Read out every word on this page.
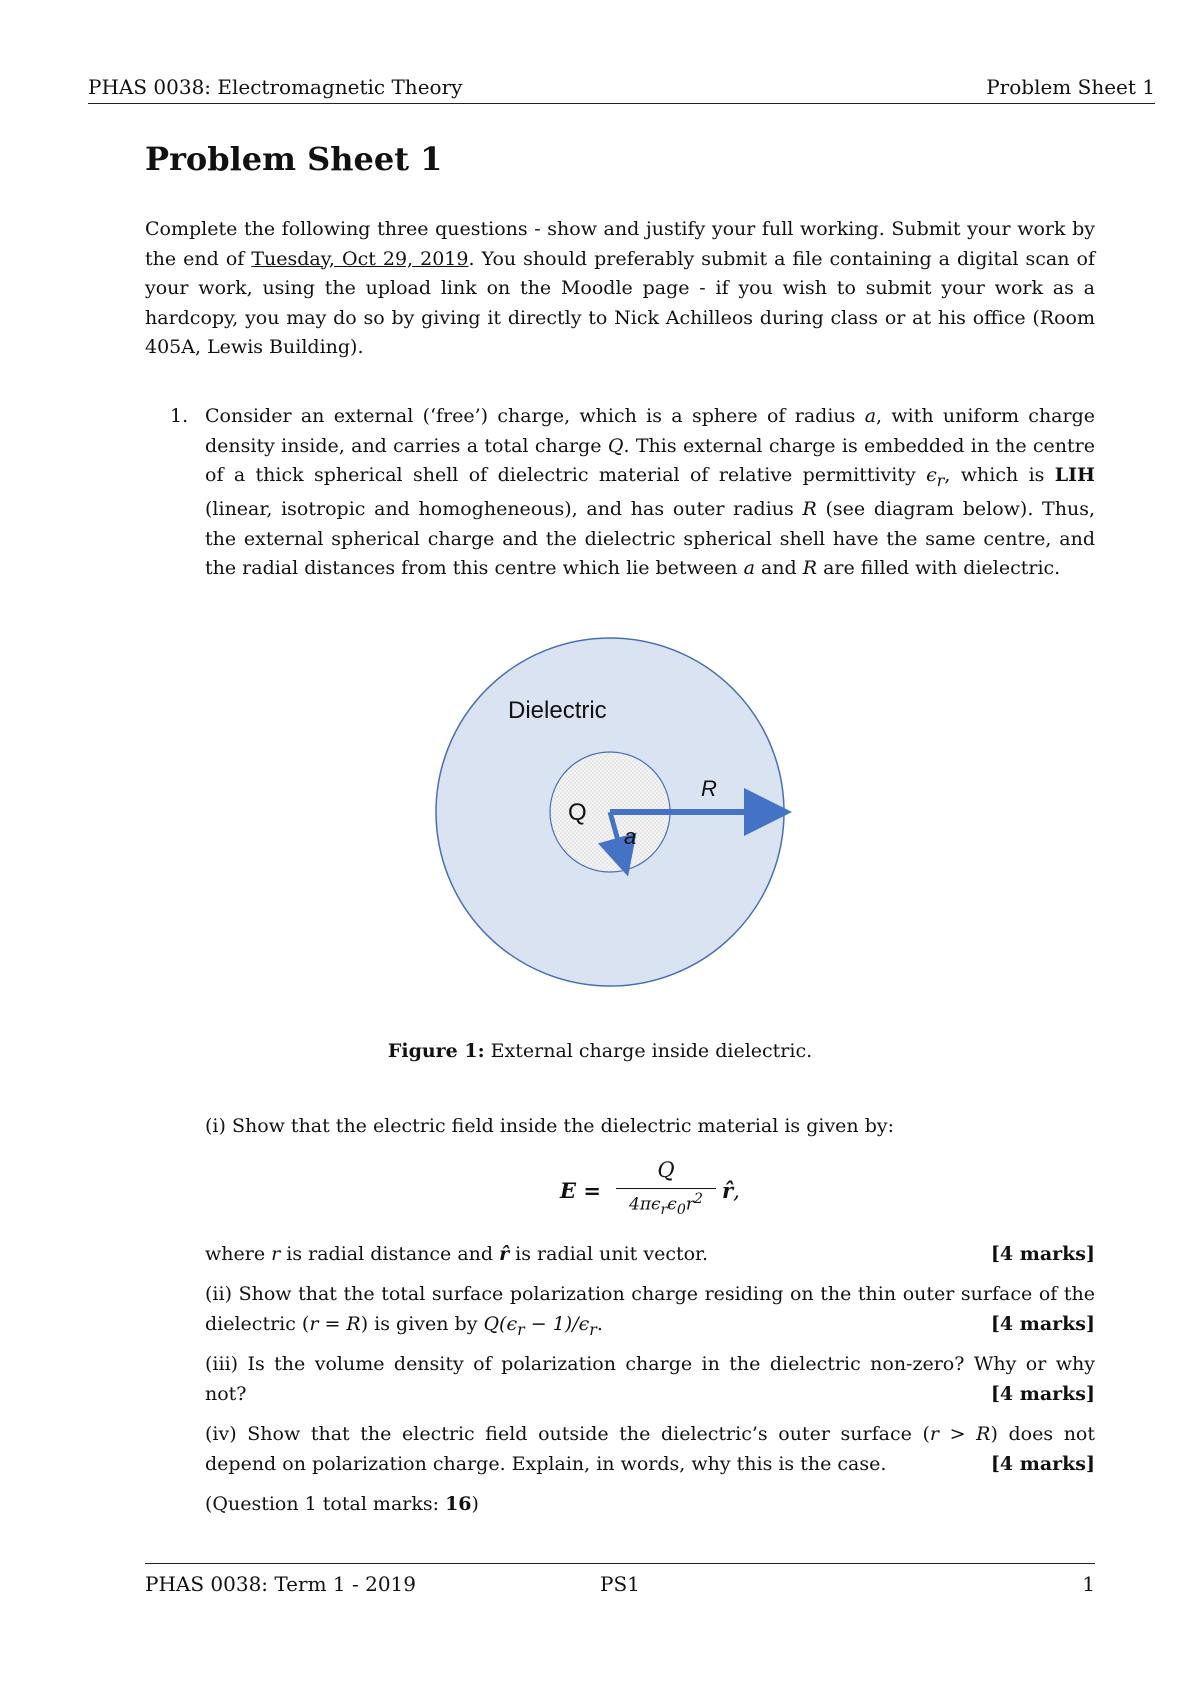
PHAS 0038: Electromagnetic Theory	Problem Sheet 1
Problem Sheet 1

Complete the following three questions - show and justify your full working. Submit your work by the end of Tuesday, Oct 29, 2019. You should preferably submit a file containing a digital scan of your work, using the upload link on the Moodle page - if you wish to submit your work as a hardcopy, you may do so by giving it directly to Nick Achilleos during class or at his office (Room 405A, Lewis Building).

1. Consider an external (‘free’) charge, which is a sphere of radius a, with uniform charge density inside, and carries a total charge Q. This external charge is embedded in the centre of a thick spherical shell of dielectric material of relative permittivity $\epsilon_r$, which is LIH (linear, isotropic and homogheneous), and has outer radius R (see diagram below). Thus, the external spherical charge and the dielectric spherical shell have the same centre, and the radial distances from this centre which lie between a and R are filled with dielectric.
Dielectric
Q
R
a
Figure 1: External charge inside dielectric.

(i) Show that the electric field inside the dielectric material is given by:

E =
Q
$4\pi\epsilon_r\epsilon_0r^2$ r̂,

[4 marks]
where r is radial distance and r̂ is radial unit vector.

(ii) Show that the total surface polarization charge residing on the thin outer surface of the dielectric (r = R) is given by $Q(\epsilon_r - 1)/\epsilon_r$.	[4 marks]

(iii) Is the volume density of polarization charge in the dielectric non-zero? Why or why not?	[4 marks]

(iv) Show that the electric field outside the dielectric’s outer surface (r > R) does not depend on polarization charge. Explain, in words, why this is the case.	[4 marks]

(Question 1 total marks: 16)

PHAS 0038: Term 1 - 2019	PS1	1
